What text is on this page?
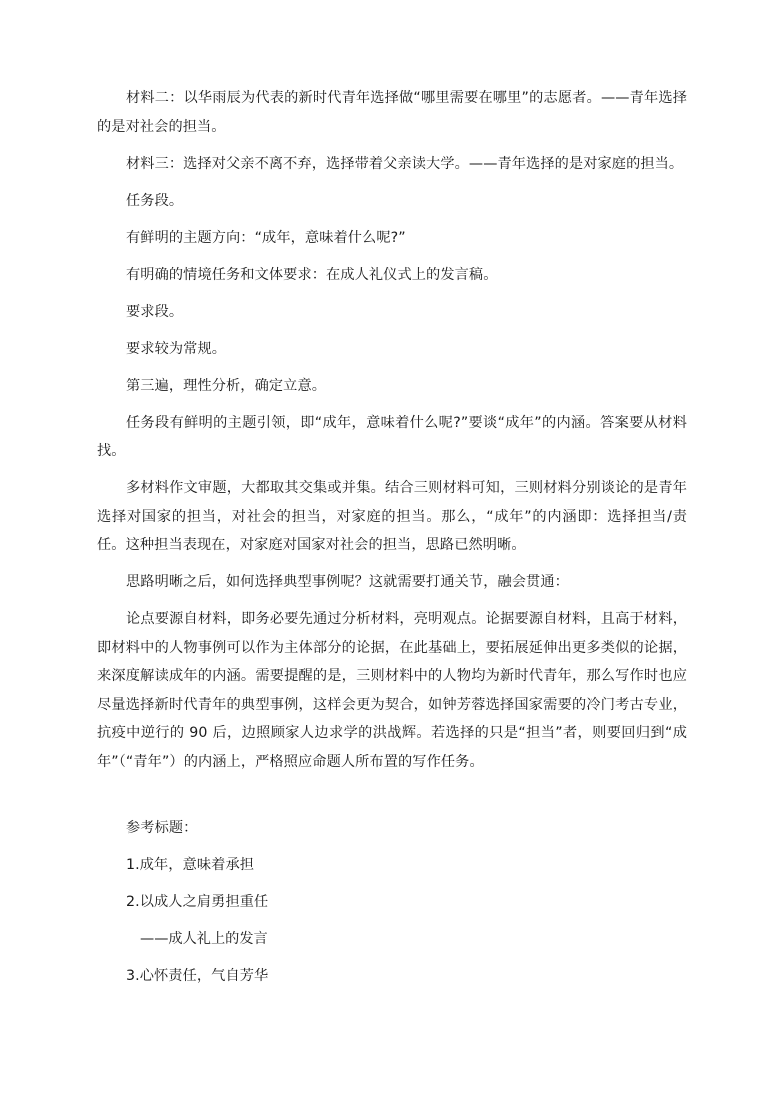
材料二：以华雨辰为代表的新时代青年选择做“哪里需要在哪里”的志愿者。——青年选择的是对社会的担当。

材料三：选择对父亲不离不弃，选择带着父亲读大学。——青年选择的是对家庭的担当。

任务段。

有鲜明的主题方向：“成年，意味着什么呢?”

有明确的情境任务和文体要求：在成人礼仪式上的发言稿。

要求段。

要求较为常规。

第三遍，理性分析，确定立意。

任务段有鲜明的主题引领，即“成年，意味着什么呢?”要谈“成年”的内涵。答案要从材料找。

多材料作文审题，大都取其交集或并集。结合三则材料可知，三则材料分别谈论的是青年选择对国家的担当，对社会的担当，对家庭的担当。那么，“成年”的内涵即：选择担当/责任。这种担当表现在，对家庭对国家对社会的担当，思路已然明晰。

思路明晰之后，如何选择典型事例呢？这就需要打通关节，融会贯通：

论点要源自材料，即务必要先通过分析材料，亮明观点。论据要源自材料，且高于材料，即材料中的人物事例可以作为主体部分的论据，在此基础上，要拓展延伸出更多类似的论据，来深度解读成年的内涵。需要提醒的是，三则材料中的人物均为新时代青年，那么写作时也应尽量选择新时代青年的典型事例，这样会更为契合，如钟芳蓉选择国家需要的冷门考古专业，抗疫中逆行的 90 后，边照顾家人边求学的洪战辉。若选择的只是“担当”者，则要回归到“成年”（“青年”）的内涵上，严格照应命题人所布置的写作任务。

参考标题：

1.成年，意味着承担

2.以成人之肩勇担重任

——成人礼上的发言

3.心怀责任，气自芳华
